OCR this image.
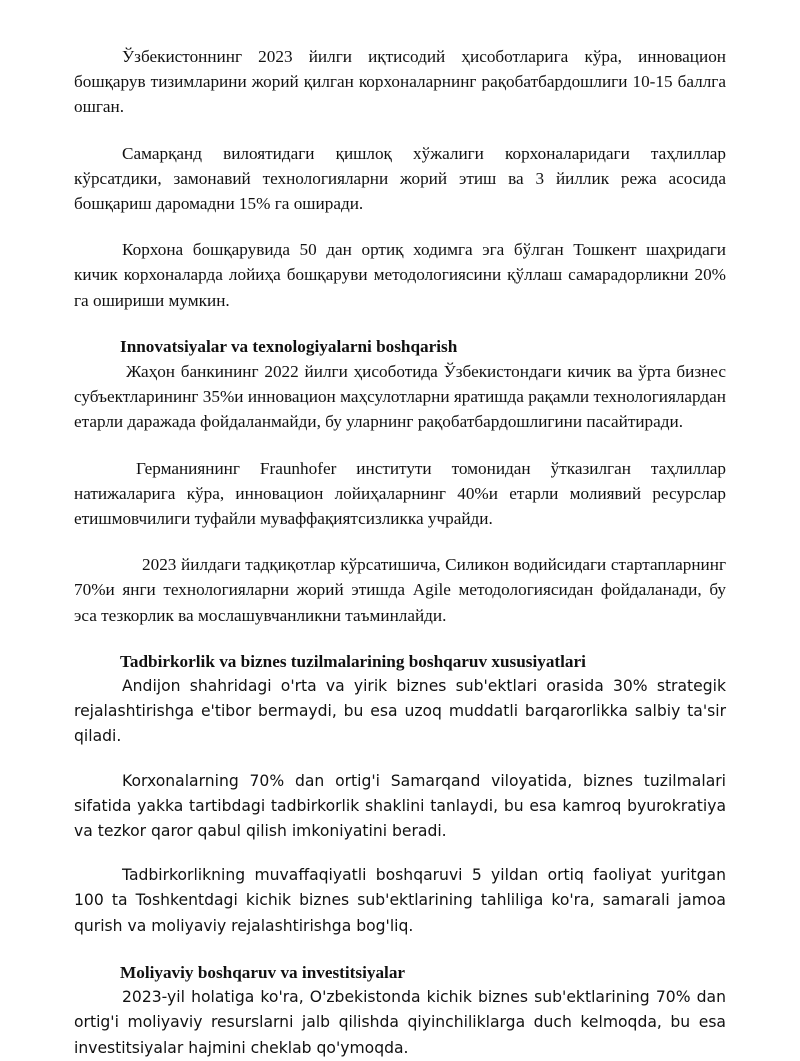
Ўзбекистоннинг 2023 йилги иқтисодий ҳисоботларига кўра, инновацион бошқарув тизимларини жорий қилган корхоналарнинг рақобатбардошлиги 10-15 баллга ошган.

Самарқанд вилоятидаги қишлоқ хўжалиги корхоналаридаги таҳлиллар кўрсатдики, замонавий технологияларни жорий этиш ва 3 йиллик режа асосида бошқариш даромадни 15% га оширади.

Корхона бошқарувида 50 дан ортиқ ходимга эга бўлган Тошкент шаҳридаги кичик корхоналарда лойиҳа бошқаруви методологиясини қўллаш самарадорликни 20% га ошириши мумкин.

Innovatsiyalar va texnologiyalarni boshqarish

Жаҳон банкининг 2022 йилги ҳисоботида Ўзбекистондаги кичик ва ўрта бизнес субъектларининг 35%и инновацион маҳсулотларни яратишда рақамли технологиялардан етарли даражада фойдаланмайди, бу уларнинг рақобатбардошлигини пасайтиради.

Германиянинг Fraunhofer институти томонидан ўтказилган таҳлиллар натижаларига кўра, инновацион лойиҳаларнинг 40%и етарли молиявий ресурслар етишмовчилиги туфайли муваффақиятсизликка учрайди.

2023 йилдаги тадқиқотлар кўрсатишича, Силикон водийсидаги стартапларнинг 70%и янги технологияларни жорий этишда Agile методологиясидан фойдаланади, бу эса тезкорлик ва мослашувчанликни таъминлайди.

Tadbirkorlik va biznes tuzilmalarining boshqaruv xususiyatlari

Andijon shahridagi o'rta va yirik biznes sub'ektlari orasida 30% strategik rejalashtirishga e'tibor bermaydi, bu esa uzoq muddatli barqarorlikka salbiy ta'sir qiladi.

Korxonalarning 70% dan ortig'i Samarqand viloyatida, biznes tuzilmalari sifatida yakka tartibdagi tadbirkorlik shaklini tanlaydi, bu esa kamroq byurokratiya va tezkor qaror qabul qilish imkoniyatini beradi.

Tadbirkorlikning muvaffaqiyatli boshqaruvi 5 yildan ortiq faoliyat yuritgan 100 ta Toshkentdagi kichik biznes sub'ektlarining tahliliga ko'ra, samarali jamoa qurish va moliyaviy rejalashtirishga bog'liq.

Moliyaviy boshqaruv va investitsiyalar

2023-yil holatiga ko'ra, O'zbekistonda kichik biznes sub'ektlarining 70% dan ortig'i moliyaviy resurslarni jalb qilishda qiyinchiliklarga duch kelmoqda, bu esa investitsiyalar hajmini cheklab qo'ymoqda.
